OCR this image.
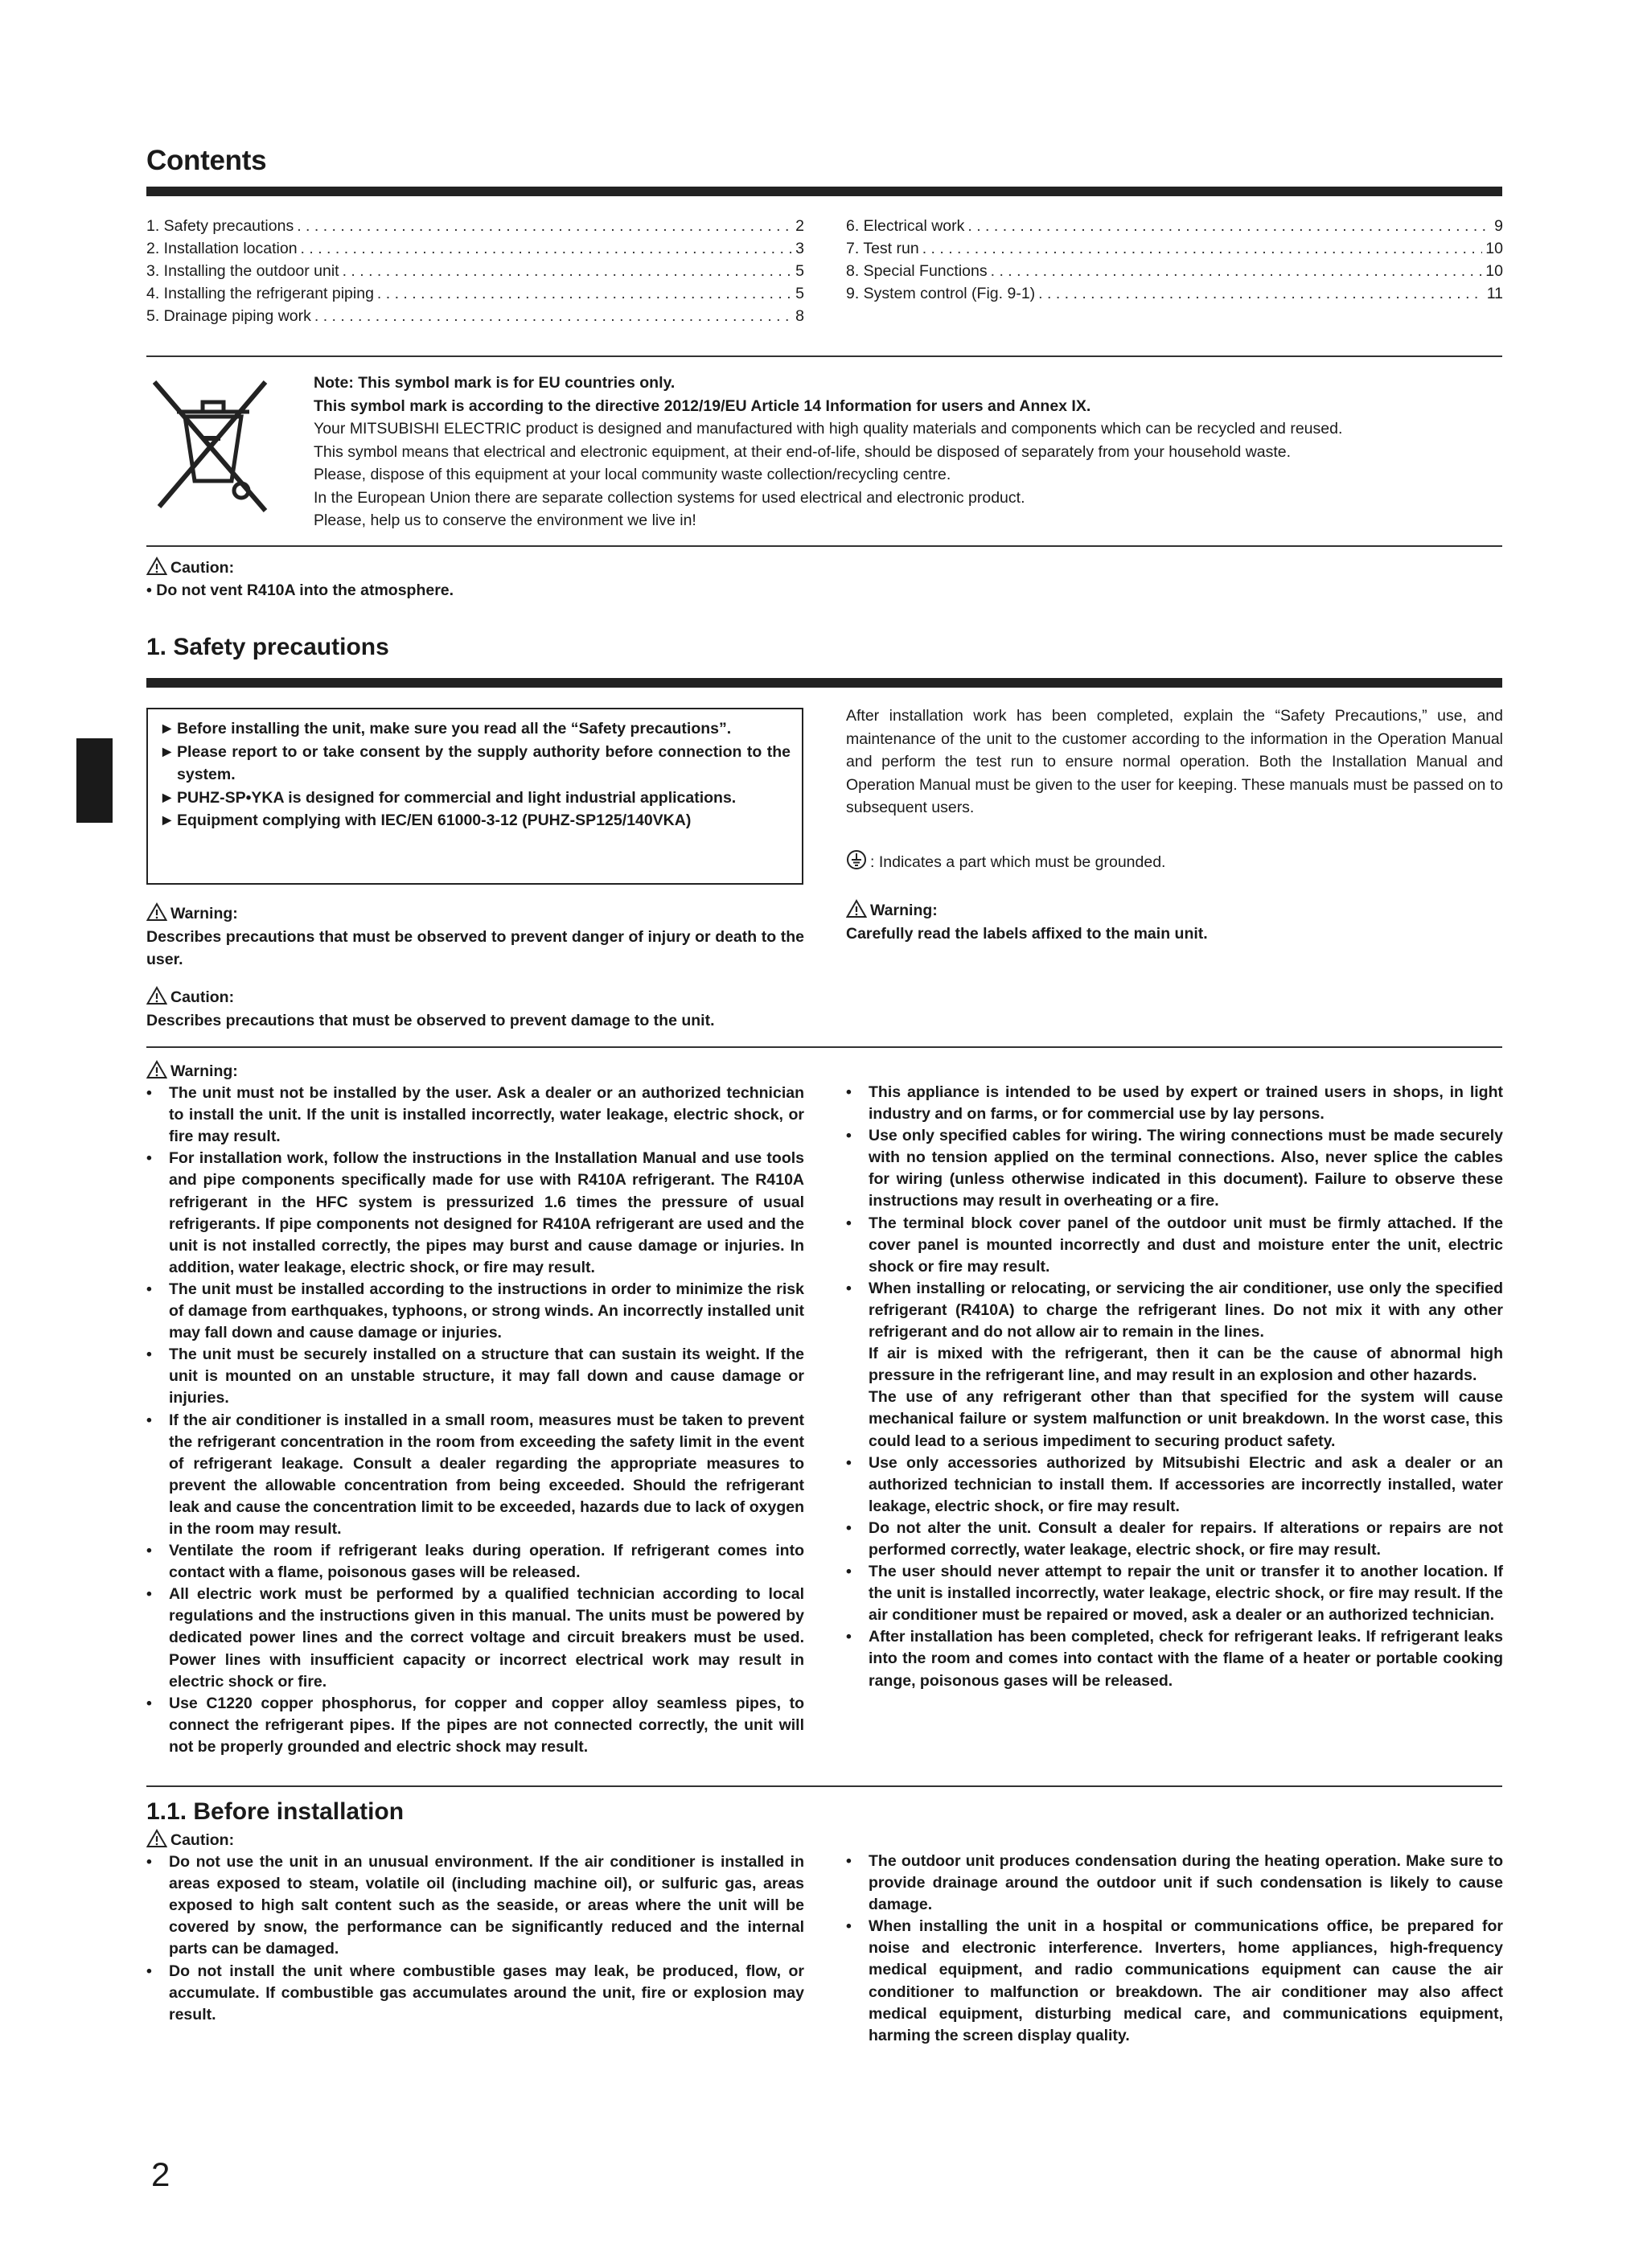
Contents
1. Safety precautions . . .	2
2. Installation location . . .	3
3. Installing the outdoor unit . . .	5
4. Installing the refrigerant piping . . .	5
5. Drainage piping work . . .	8
6. Electrical work . . .	9
7. Test run . . .	10
8. Special Functions . . .	10
9. System control (Fig. 9-1) . . .	11
Note: This symbol mark is for EU countries only.
This symbol mark is according to the directive 2012/19/EU Article 14 Information for users and Annex IX.
Your MITSUBISHI ELECTRIC product is designed and manufactured with high quality materials and components which can be recycled and reused.
This symbol means that electrical and electronic equipment, at their end-of-life, should be disposed of separately from your household waste.
Please, dispose of this equipment at your local community waste collection/recycling centre.
In the European Union there are separate collection systems for used electrical and electronic product.
Please, help us to conserve the environment we live in!
Caution:
• Do not vent R410A into the atmosphere.
1. Safety precautions
► Before installing the unit, make sure you read all the “Safety precautions”.
► Please report to or take consent by the supply authority before connection to the system.
► PUHZ-SP•YKA is designed for commercial and light industrial applications.
► Equipment complying with IEC/EN 61000-3-12 (PUHZ-SP125/140VKA)
Warning:
Describes precautions that must be observed to prevent danger of injury or death to the user.
Caution:
Describes precautions that must be observed to prevent damage to the unit.
After installation work has been completed, explain the “Safety Precautions,” use, and maintenance of the unit to the customer according to the information in the Operation Manual and perform the test run to ensure normal operation. Both the Installation Manual and Operation Manual must be given to the user for keeping. These manuals must be passed on to subsequent users.
: Indicates a part which must be grounded.
Warning:
Carefully read the labels affixed to the main unit.
Warning:
•	The unit must not be installed by the user. Ask a dealer or an authorized technician to install the unit. If the unit is installed incorrectly, water leakage, electric shock, or fire may result.
•	For installation work, follow the instructions in the Installation Manual and use tools and pipe components specifically made for use with R410A refrigerant. The R410A refrigerant in the HFC system is pressurized 1.6 times the pressure of usual refrigerants. If pipe components not designed for R410A refrigerant are used and the unit is not installed correctly, the pipes may burst and cause damage or injuries. In addition, water leakage, electric shock, or fire may result.
•	The unit must be installed according to the instructions in order to minimize the risk of damage from earthquakes, typhoons, or strong winds. An incorrectly installed unit may fall down and cause damage or injuries.
•	The unit must be securely installed on a structure that can sustain its weight. If the unit is mounted on an unstable structure, it may fall down and cause damage or injuries.
•	If the air conditioner is installed in a small room, measures must be taken to prevent the refrigerant concentration in the room from exceeding the safety limit in the event of refrigerant leakage. Consult a dealer regarding the appropriate measures to prevent the allowable concentration from being exceeded. Should the refrigerant leak and cause the concentration limit to be exceeded, hazards due to lack of oxygen in the room may result.
•	Ventilate the room if refrigerant leaks during operation. If refrigerant comes into contact with a flame, poisonous gases will be released.
•	All electric work must be performed by a qualified technician according to local regulations and the instructions given in this manual. The units must be powered by dedicated power lines and the correct voltage and circuit breakers must be used. Power lines with insufficient capacity or incorrect electrical work may result in electric shock or fire.
•	Use C1220 copper phosphorus, for copper and copper alloy seamless pipes, to connect the refrigerant pipes. If the pipes are not connected correctly, the unit will not be properly grounded and electric shock may result.
•	This appliance is intended to be used by expert or trained users in shops, in light industry and on farms, or for commercial use by lay persons.
•	Use only specified cables for wiring. The wiring connections must be made securely with no tension applied on the terminal connections. Also, never splice the cables for wiring (unless otherwise indicated in this document). Failure to observe these instructions may result in overheating or a fire.
•	The terminal block cover panel of the outdoor unit must be firmly attached. If the cover panel is mounted incorrectly and dust and moisture enter the unit, electric shock or fire may result.
•	When installing or relocating, or servicing the air conditioner, use only the specified refrigerant (R410A) to charge the refrigerant lines. Do not mix it with any other refrigerant and do not allow air to remain in the lines.
If air is mixed with the refrigerant, then it can be the cause of abnormal high pressure in the refrigerant line, and may result in an explosion and other hazards.
The use of any refrigerant other than that specified for the system will cause mechanical failure or system malfunction or unit breakdown. In the worst case, this could lead to a serious impediment to securing product safety.
•	Use only accessories authorized by Mitsubishi Electric and ask a dealer or an authorized technician to install them. If accessories are incorrectly installed, water leakage, electric shock, or fire may result.
•	Do not alter the unit. Consult a dealer for repairs. If alterations or repairs are not performed correctly, water leakage, electric shock, or fire may result.
•	The user should never attempt to repair the unit or transfer it to another location. If the unit is installed incorrectly, water leakage, electric shock, or fire may result. If the air conditioner must be repaired or moved, ask a dealer or an authorized technician.
•	After installation has been completed, check for refrigerant leaks. If refrigerant leaks into the room and comes into contact with the flame of a heater or portable cooking range, poisonous gases will be released.
1.1. Before installation
Caution:
•	Do not use the unit in an unusual environment. If the air conditioner is installed in areas exposed to steam, volatile oil (including machine oil), or sulfuric gas, areas exposed to high salt content such as the seaside, or areas where the unit will be covered by snow, the performance can be significantly reduced and the internal parts can be damaged.
•	Do not install the unit where combustible gases may leak, be produced, flow, or accumulate. If combustible gas accumulates around the unit, fire or explosion may result.
•	The outdoor unit produces condensation during the heating operation. Make sure to provide drainage around the outdoor unit if such condensation is likely to cause damage.
•	When installing the unit in a hospital or communications office, be prepared for noise and electronic interference. Inverters, home appliances, high-frequency medical equipment, and radio communications equipment can cause the air conditioner to malfunction or breakdown. The air conditioner may also affect medical equipment, disturbing medical care, and communications equipment, harming the screen display quality.
2
